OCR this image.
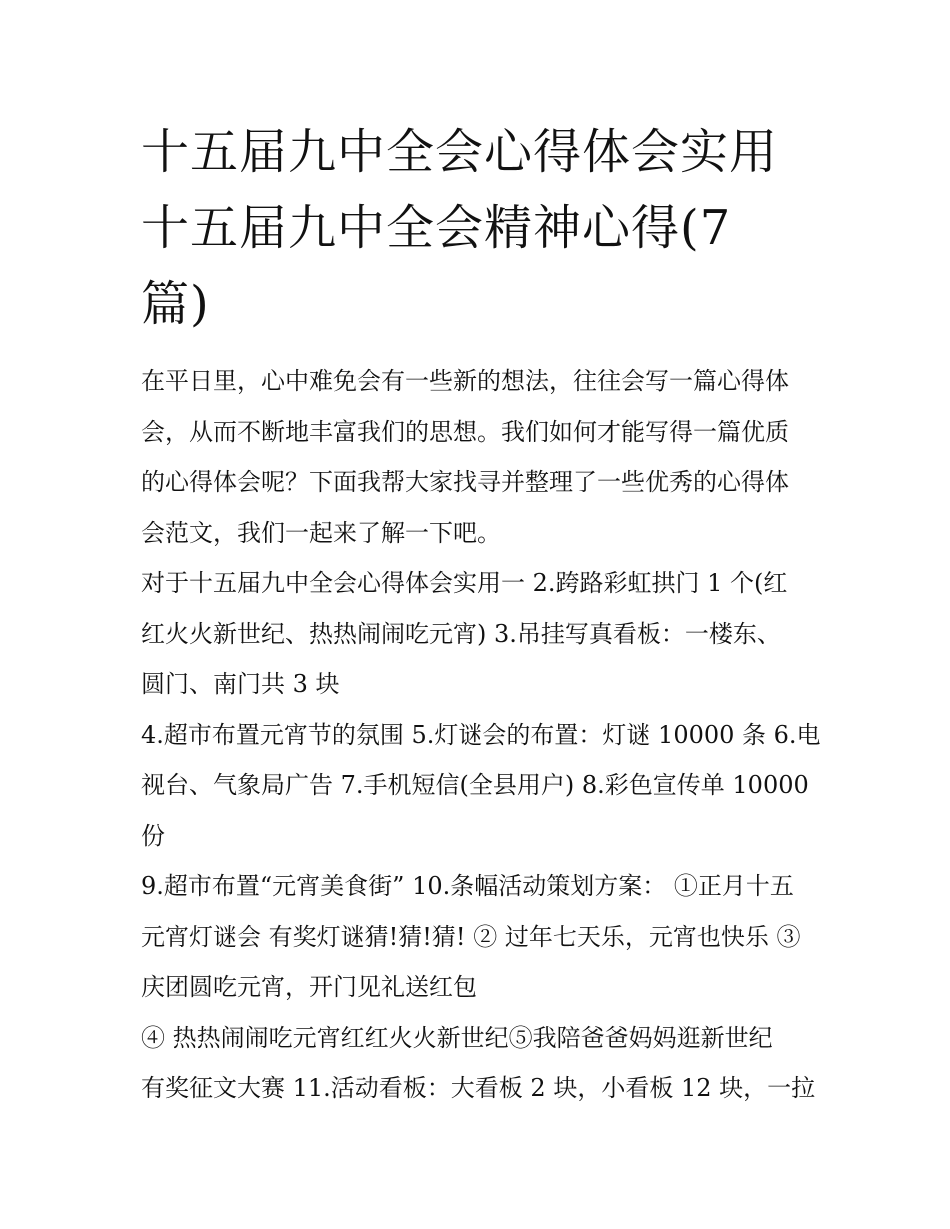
十五届九中全会心得体会实用
十五届九中全会精神心得(7
篇)

在平日里，心中难免会有一些新的想法，往往会写一篇心得体

会，从而不断地丰富我们的思想。我们如何才能写得一篇优质

的心得体会呢？下面我帮大家找寻并整理了一些优秀的心得体

会范文，我们一起来了解一下吧。

对于十五届九中全会心得体会实用一 2.跨路彩虹拱门 1 个(红

红火火新世纪、热热闹闹吃元宵) 3.吊挂写真看板：一楼东、

圆门、南门共 3 块

4.超市布置元宵节的氛围 5.灯谜会的布置：灯谜 10000 条 6.电

视台、气象局广告 7.手机短信(全县用户) 8.彩色宣传单 10000

份

9.超市布置“元宵美食街” 10.条幅活动策划方案： ①正月十五

元宵灯谜会 有奖灯谜猜!猜!猜! ② 过年七天乐，元宵也快乐 ③

庆团圆吃元宵，开门见礼送红包

④ 热热闹闹吃元宵红红火火新世纪⑤我陪爸爸妈妈逛新世纪

有奖征文大赛 11.活动看板：大看板 2 块，小看板 12 块，一拉
